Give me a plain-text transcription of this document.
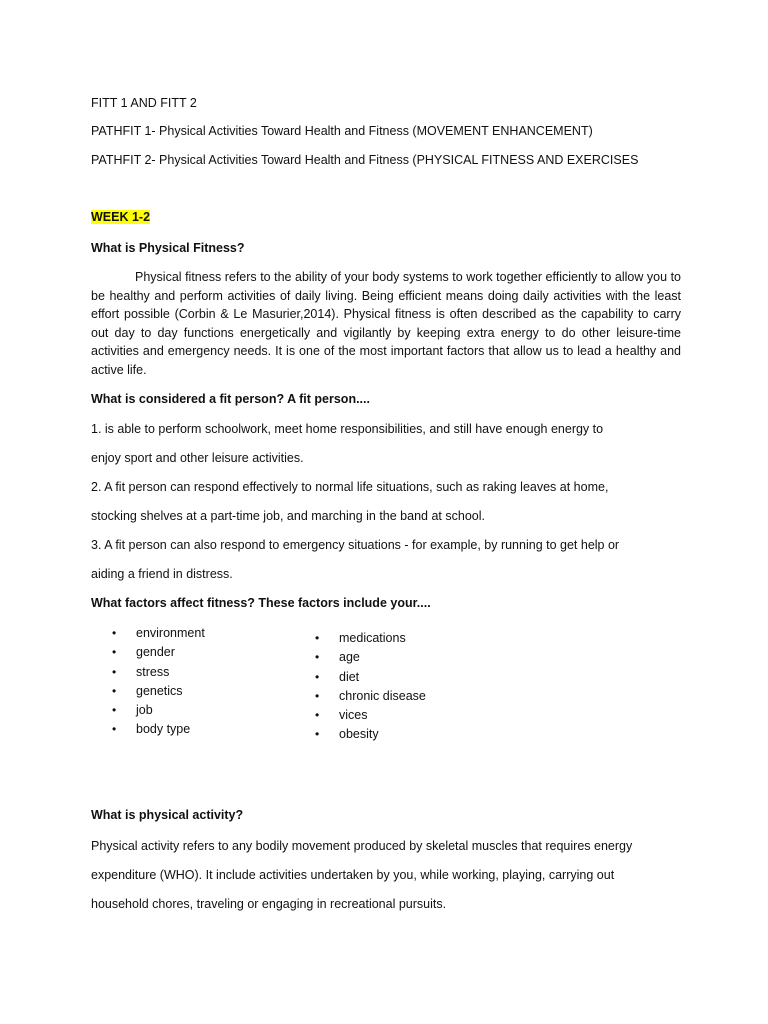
FITT 1 AND FITT 2
PATHFIT 1- Physical Activities Toward Health and Fitness (MOVEMENT ENHANCEMENT)
PATHFIT 2- Physical Activities Toward Health and Fitness (PHYSICAL FITNESS AND EXERCISES
WEEK 1-2
What is Physical Fitness?
Physical fitness refers to the ability of your body systems to work together efficiently to allow you to be healthy and perform activities of daily living. Being efficient means doing daily activities with the least effort possible (Corbin & Le Masurier,2014). Physical fitness is often described as the capability to carry out day to day functions energetically and vigilantly by keeping extra energy to do other leisure-time activities and emergency needs. It is one of the most important factors that allow us to lead a healthy and active life.
What is considered a fit person? A fit person....
1. is able to perform schoolwork, meet home responsibilities, and still have enough energy to
enjoy sport and other leisure activities.
2. A fit person can respond effectively to normal life situations, such as raking leaves at home,
stocking shelves at a part-time job, and marching in the band at school.
3. A fit person can also respond to emergency situations - for example, by running to get help or
aiding a friend in distress.
What factors affect fitness? These factors include your....
• environment
• gender
• stress
• genetics
• job
• body type
• medications
• age
• diet
• chronic disease
• vices
• obesity
What is physical activity?
Physical activity refers to any bodily movement produced by skeletal muscles that requires energy
expenditure (WHO). It include activities undertaken by you, while working, playing, carrying out
household chores, traveling or engaging in recreational pursuits.
